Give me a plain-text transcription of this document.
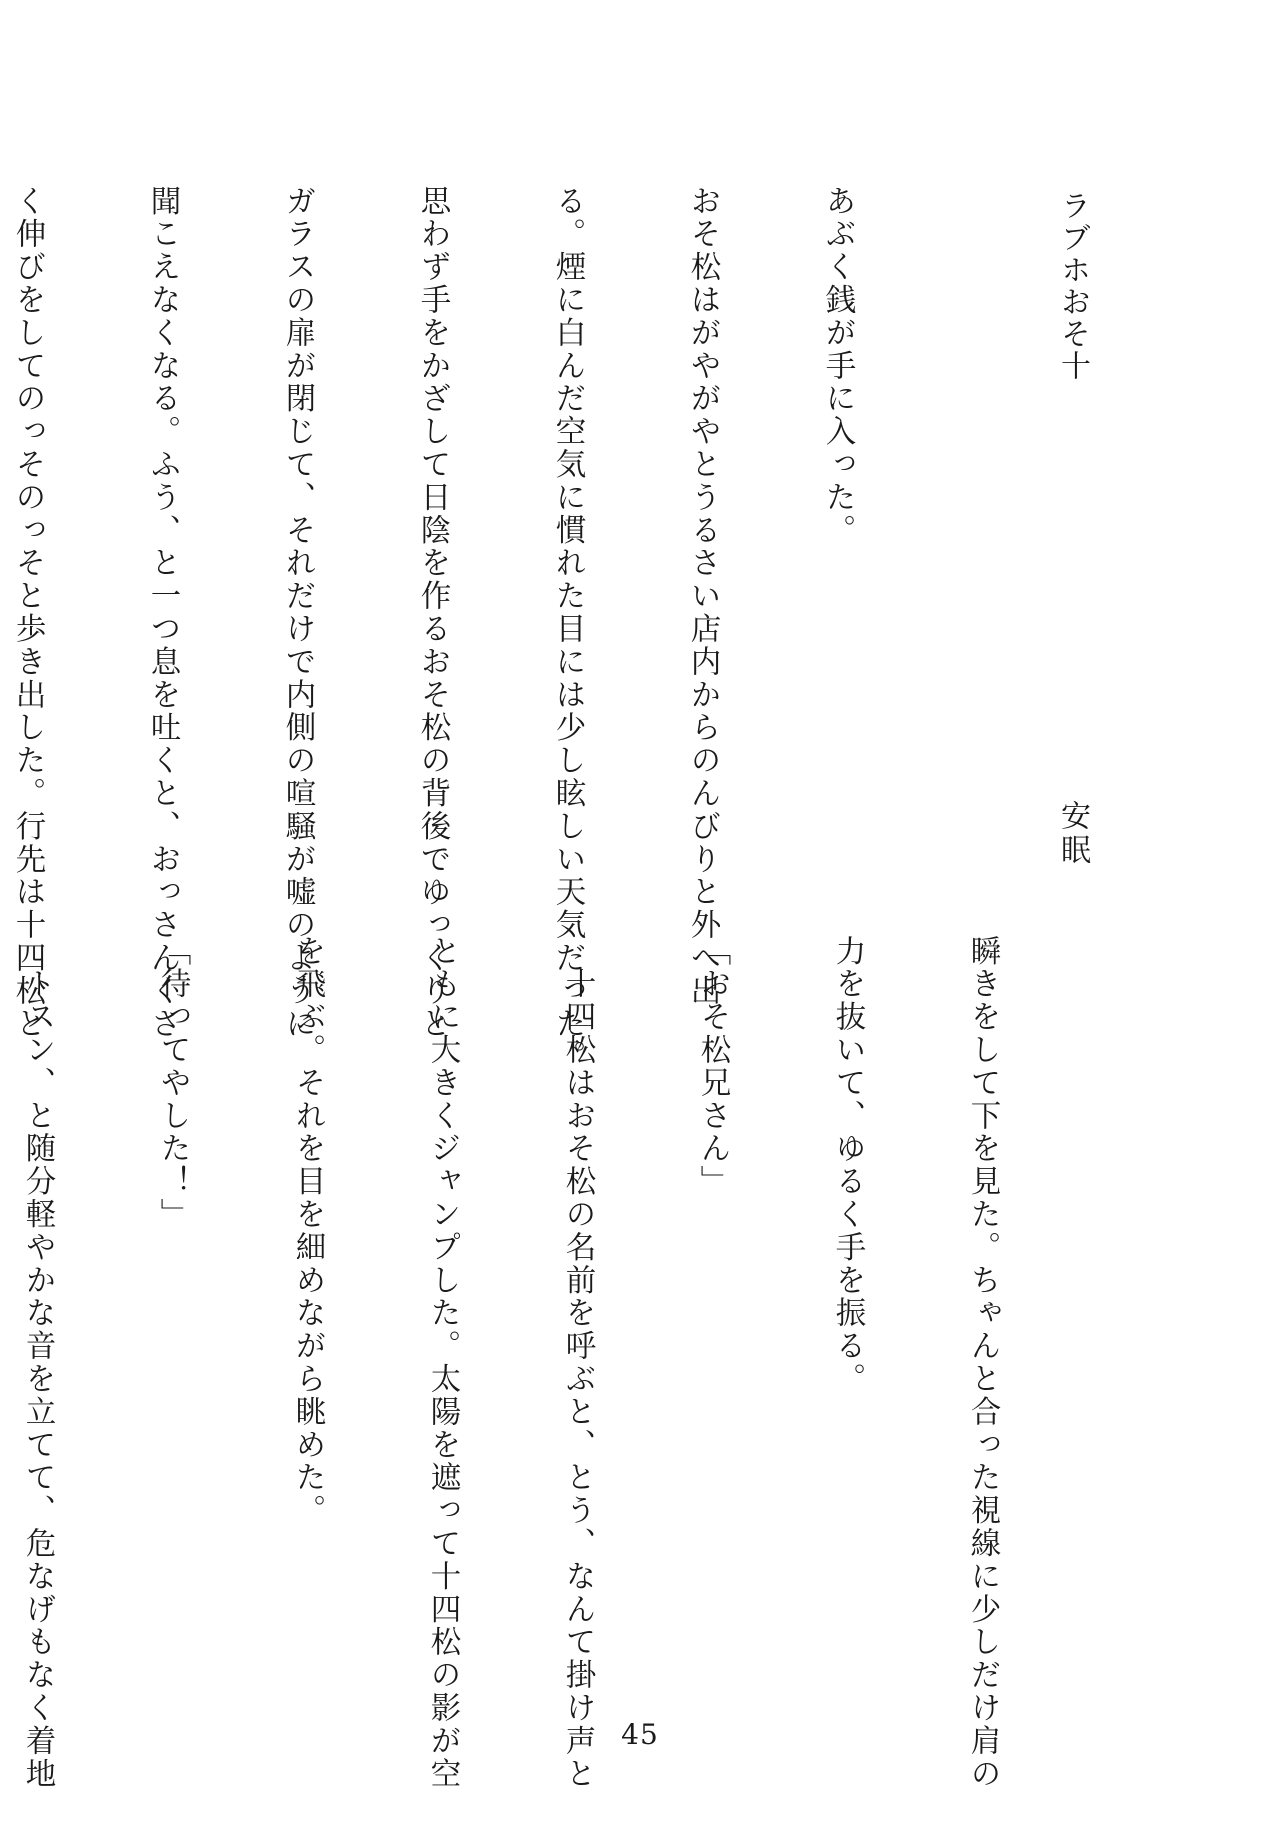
ラブホおそ十
安眠

あぶく銭が手に入った。

おそ松はがやがやとうるさい店内からのんびりと外へ出

る。煙に白んだ空気に慣れた目には少し眩しい天気だった。

思わず手をかざして日陰を作るおそ松の背後でゆっくりと

ガラスの扉が閉じて、それだけで内側の喧騒が嘘のように

聞こえなくなる。ふう、と一つ息を吐くと、おっさんくさ

く伸びをしてのっそのっそと歩き出した。行先は十四松と

瞬きをして下を見た。ちゃんと合った視線に少しだけ肩の

力を抜いて、ゆるく手を振る。

「おそ松兄さん」

　十四松はおそ松の名前を呼ぶと、とう、なんて掛け声と

ともに大きくジャンプした。太陽を遮って十四松の影が空

を飛ぶ。それを目を細めながら眺めた。

「待ってやした！」

　トスン、と随分軽やかな音を立てて、危なげもなく着地

	45
